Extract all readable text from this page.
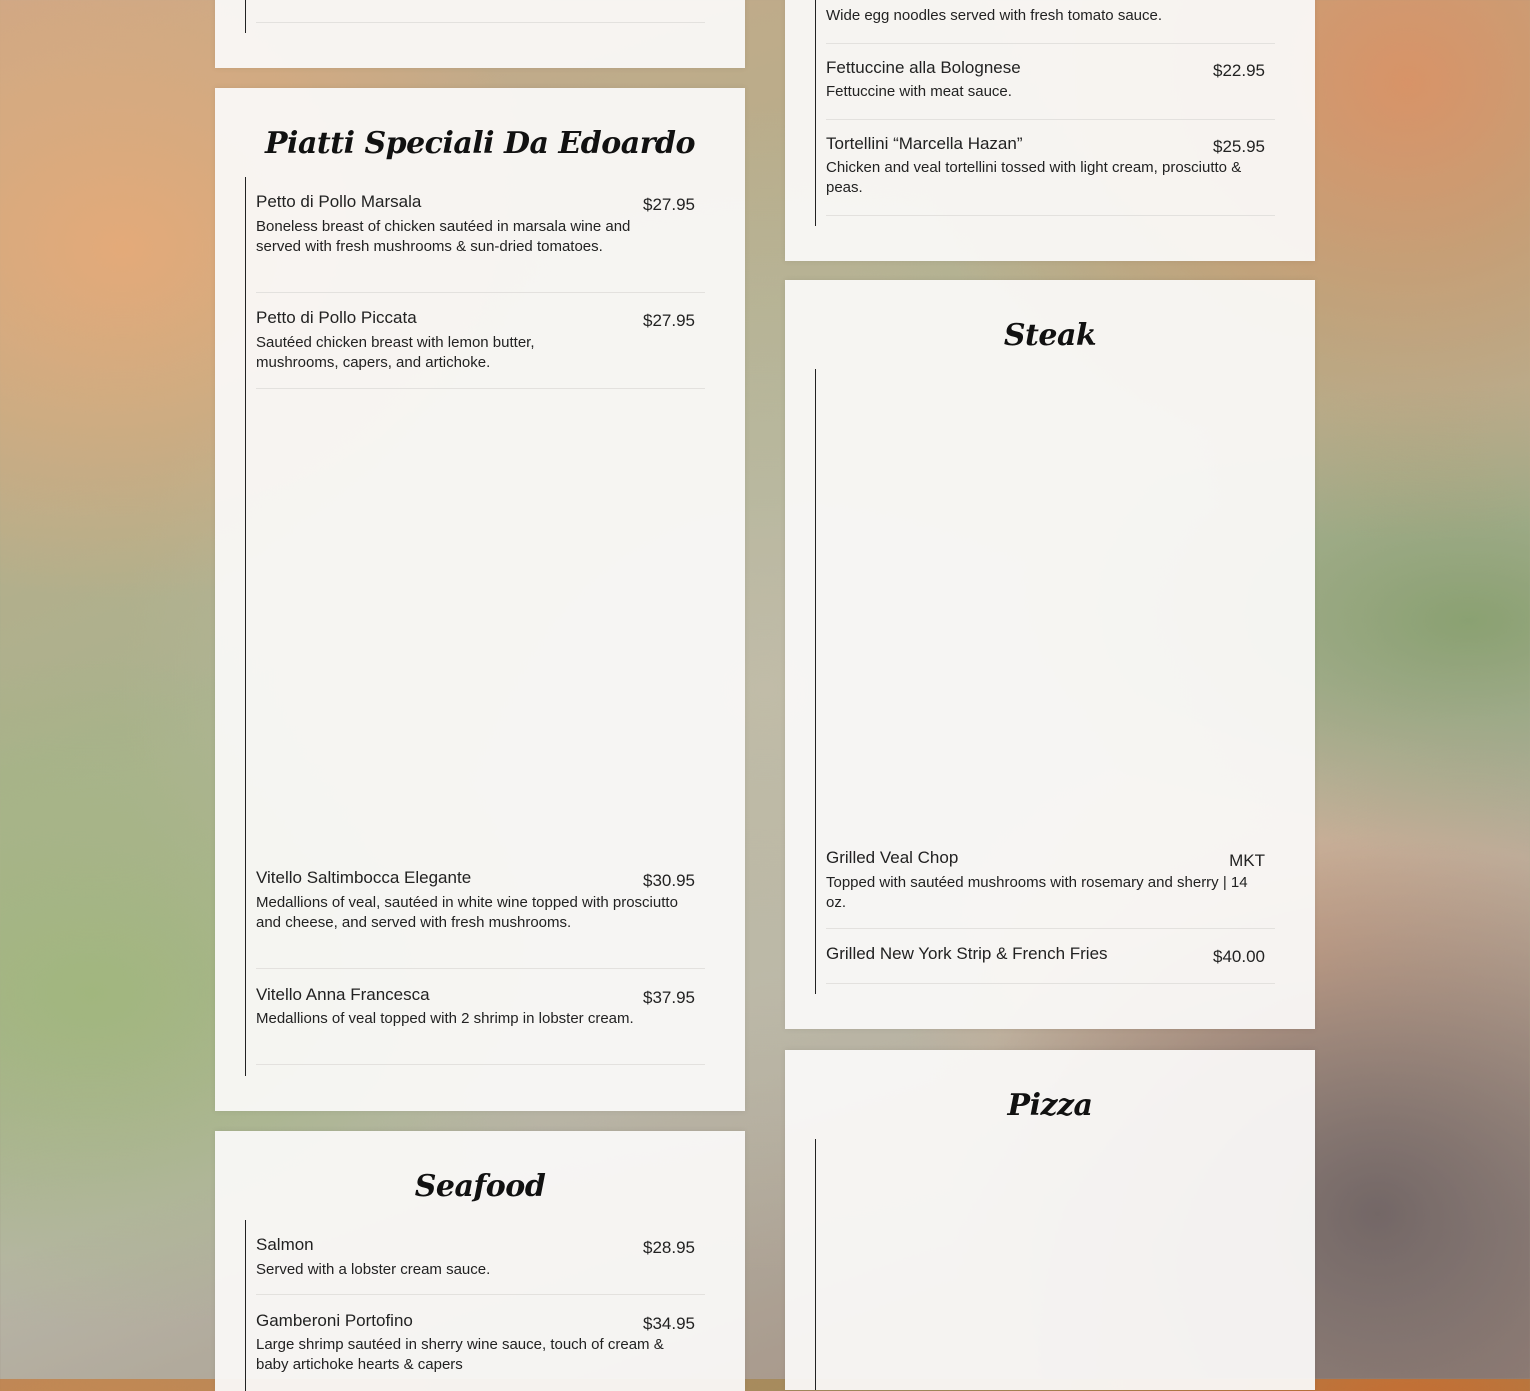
Wide egg noodles served with fresh tomato sauce.
Fettuccine alla Bolognese	$22.95
Fettuccine with meat sauce.
Tortellini “Marcella Hazan”	$25.95
Chicken and veal tortellini tossed with light cream, prosciutto & peas.
Piatti Speciali Da Edoardo
Petto di Pollo Marsala	$27.95
Boneless breast of chicken sautéed in marsala wine and served with fresh mushrooms & sun-dried tomatoes.
Petto di Pollo Piccata	$27.95
Sautéed chicken breast with lemon butter, mushrooms, capers, and artichoke.
Vitello Saltimbocca Elegante	$30.95
Medallions of veal, sautéed in white wine topped with prosciutto and cheese, and served with fresh mushrooms.
Vitello Anna Francesca	$37.95
Medallions of veal topped with 2 shrimp in lobster cream.
Steak
Grilled Veal Chop	MKT
Topped with sautéed mushrooms with rosemary and sherry | 14 oz.
Grilled New York Strip & French Fries	$40.00
Seafood
Salmon	$28.95
Served with a lobster cream sauce.
Gamberoni Portofino	$34.95
Large shrimp sautéed in sherry wine sauce, touch of cream & baby artichoke hearts & capers
Pizza
